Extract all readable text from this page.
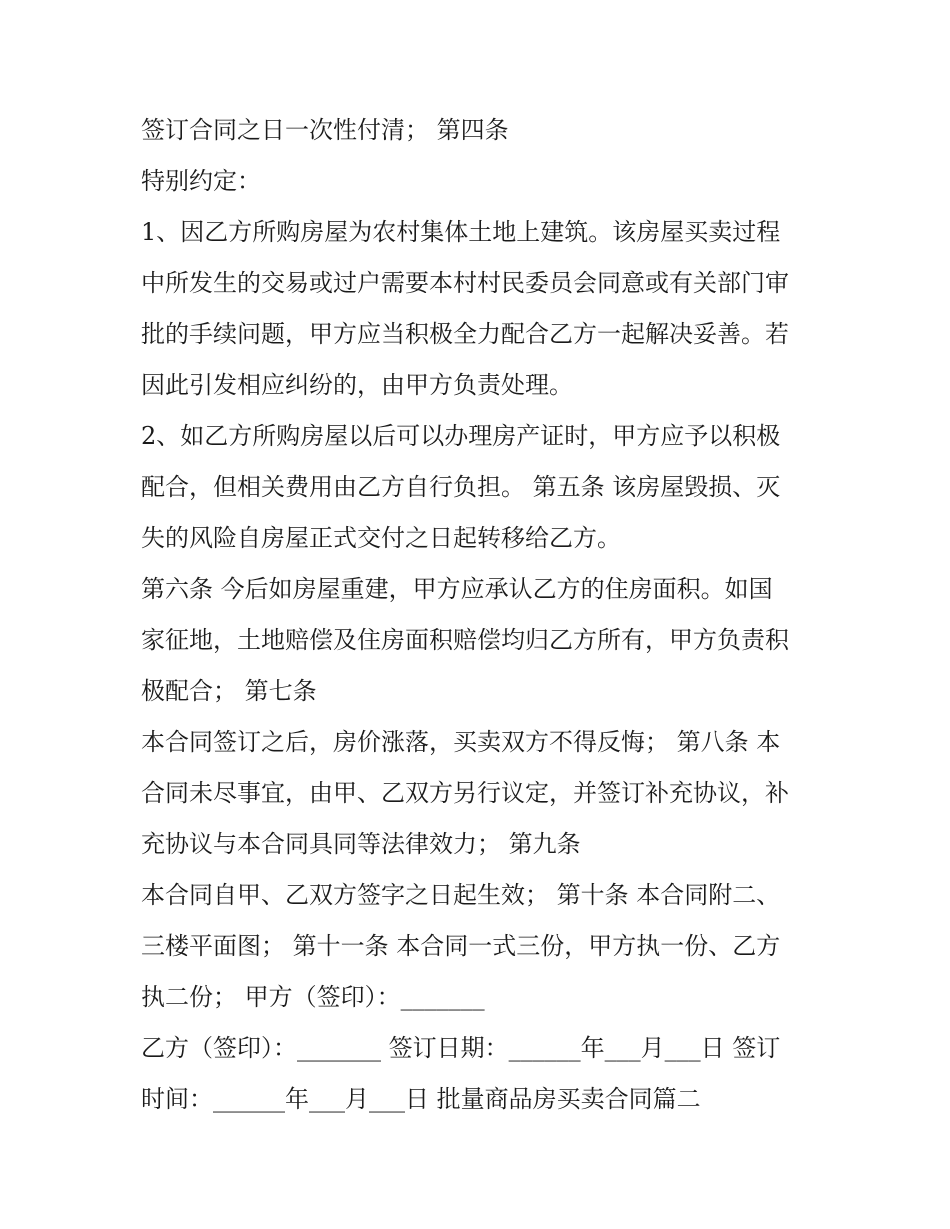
签订合同之日一次性付清； 第四条
特别约定：
1、因乙方所购房屋为农村集体土地上建筑。该房屋买卖过程
中所发生的交易或过户需要本村村民委员会同意或有关部门审
批的手续问题，甲方应当积极全力配合乙方一起解决妥善。若
因此引发相应纠纷的，由甲方负责处理。
2、如乙方所购房屋以后可以办理房产证时，甲方应予以积极
配合，但相关费用由乙方自行负担。 第五条 该房屋毁损、灭
失的风险自房屋正式交付之日起转移给乙方。
第六条 今后如房屋重建，甲方应承认乙方的住房面积。如国
家征地，土地赔偿及住房面积赔偿均归乙方所有，甲方负责积
极配合； 第七条
本合同签订之后，房价涨落，买卖双方不得反悔； 第八条 本
合同未尽事宜，由甲、乙双方另行议定，并签订补充协议，补
充协议与本合同具同等法律效力； 第九条
本合同自甲、乙双方签字之日起生效； 第十条 本合同附二、
三楼平面图； 第十一条 本合同一式三份，甲方执一份、乙方
执二份； 甲方（签印）：_______
乙方（签印）：_______ 签订日期：______年___月___日 签订
时间：______年___月___日 批量商品房买卖合同篇二
